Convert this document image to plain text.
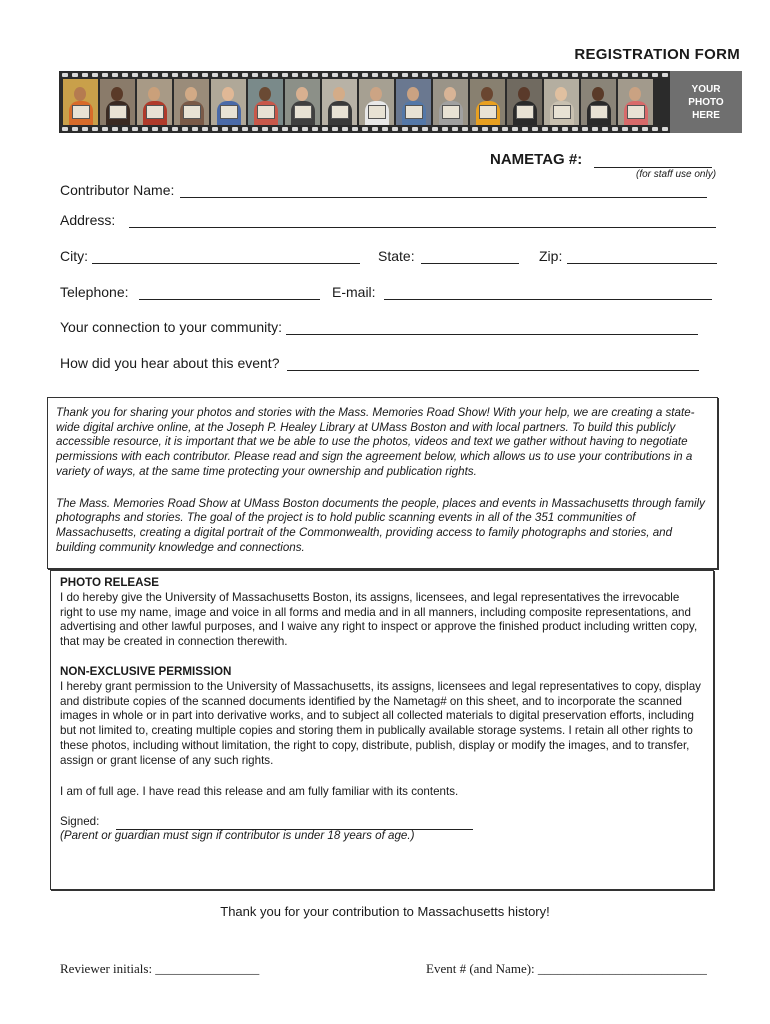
REGISTRATION FORM
YOUR
PHOTO
HERE
NAMETAG #:
(for staff use only)
Contributor Name:
Address:
City:	State:	Zip:
Telephone:	E-mail:
Your connection to your community:
How did you hear about this event?

Thank you for sharing your photos and stories with the Mass. Memories Road Show! With your help, we are creating a state-wide digital archive online, at the Joseph P. Healey Library at UMass Boston and with local partners. To build this publicly accessible resource, it is important that we be able to use the photos, videos and text we gather without having to negotiate permissions with each contributor. Please read and sign the agreement below, which allows us to use your contributions in a variety of ways, at the same time protecting your ownership and publication rights.

The Mass. Memories Road Show at UMass Boston documents the people, places and events in Massachusetts through family photographs and stories. The goal of the project is to hold public scanning events in all of the 351 communities of Massachusetts, creating a digital portrait of the Commonwealth, providing access to family photographs and stories, and building community knowledge and connections.

PHOTO RELEASE
I do hereby give the University of Massachusetts Boston, its assigns, licensees, and legal representatives the irrevocable right to use my name, image and voice in all forms and media and in all manners, including composite representations, and advertising and other lawful purposes, and I waive any right to inspect or approve the finished product including written copy, that may be created in connection therewith.
NON-EXCLUSIVE PERMISSION
I hereby grant permission to the University of Massachusetts, its assigns, licensees and legal representatives to copy, display and distribute copies of the scanned documents identified by the Nametag# on this sheet, and to incorporate the scanned images in whole or in part into derivative works, and to subject all collected materials to digital preservation efforts, including but not limited to, creating multiple copies and storing them in publically available storage systems. I retain all other rights to these photos, including without limitation, the right to copy, distribute, publish, display or modify the images, and to transfer, assign or grant license of any such rights.
I am of full age. I have read this release and am fully familiar with its contents.
Signed:
(Parent or guardian must sign if contributor is under 18 years of age.)
Thank you for your contribution to Massachusetts history!
Reviewer initials: ________________	Event # (and Name): __________________________
